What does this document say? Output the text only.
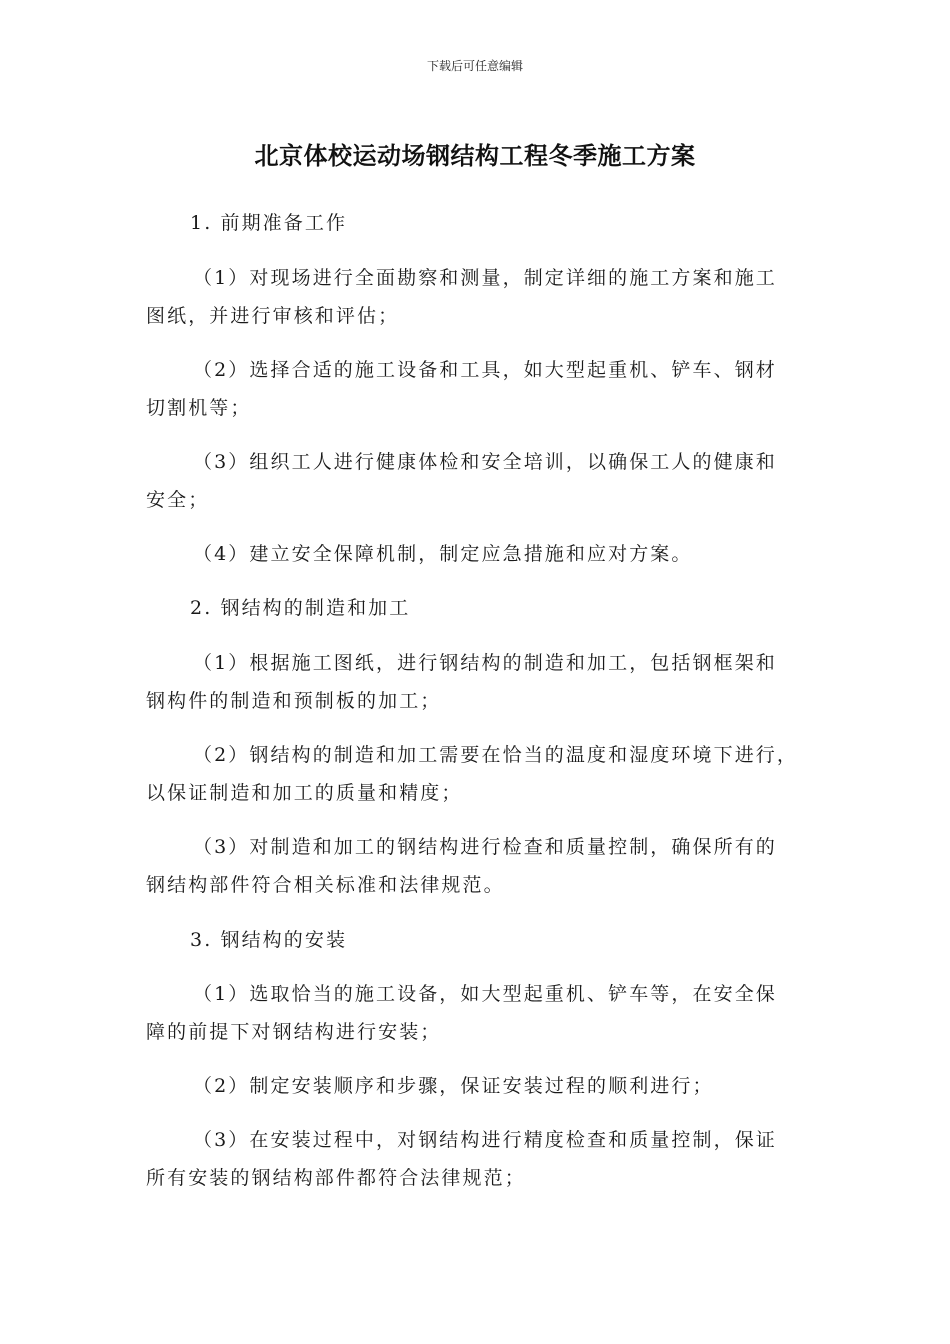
下载后可任意编辑
北京体校运动场钢结构工程冬季施工方案
1. 前期准备工作
（1）对现场进行全面勘察和测量，制定详细的施工方案和施工
图纸，并进行审核和评估；
（2）选择合适的施工设备和工具，如大型起重机、铲车、钢材
切割机等；
（3）组织工人进行健康体检和安全培训，以确保工人的健康和
安全；
（4）建立安全保障机制，制定应急措施和应对方案。
2. 钢结构的制造和加工
（1）根据施工图纸，进行钢结构的制造和加工，包括钢框架和
钢构件的制造和预制板的加工；
（2）钢结构的制造和加工需要在恰当的温度和湿度环境下进行，
以保证制造和加工的质量和精度；
（3）对制造和加工的钢结构进行检查和质量控制，确保所有的
钢结构部件符合相关标准和法律规范。
3. 钢结构的安装
（1）选取恰当的施工设备，如大型起重机、铲车等，在安全保
障的前提下对钢结构进行安装；
（2）制定安装顺序和步骤，保证安装过程的顺利进行；
（3）在安装过程中，对钢结构进行精度检查和质量控制，保证
所有安装的钢结构部件都符合法律规范；
